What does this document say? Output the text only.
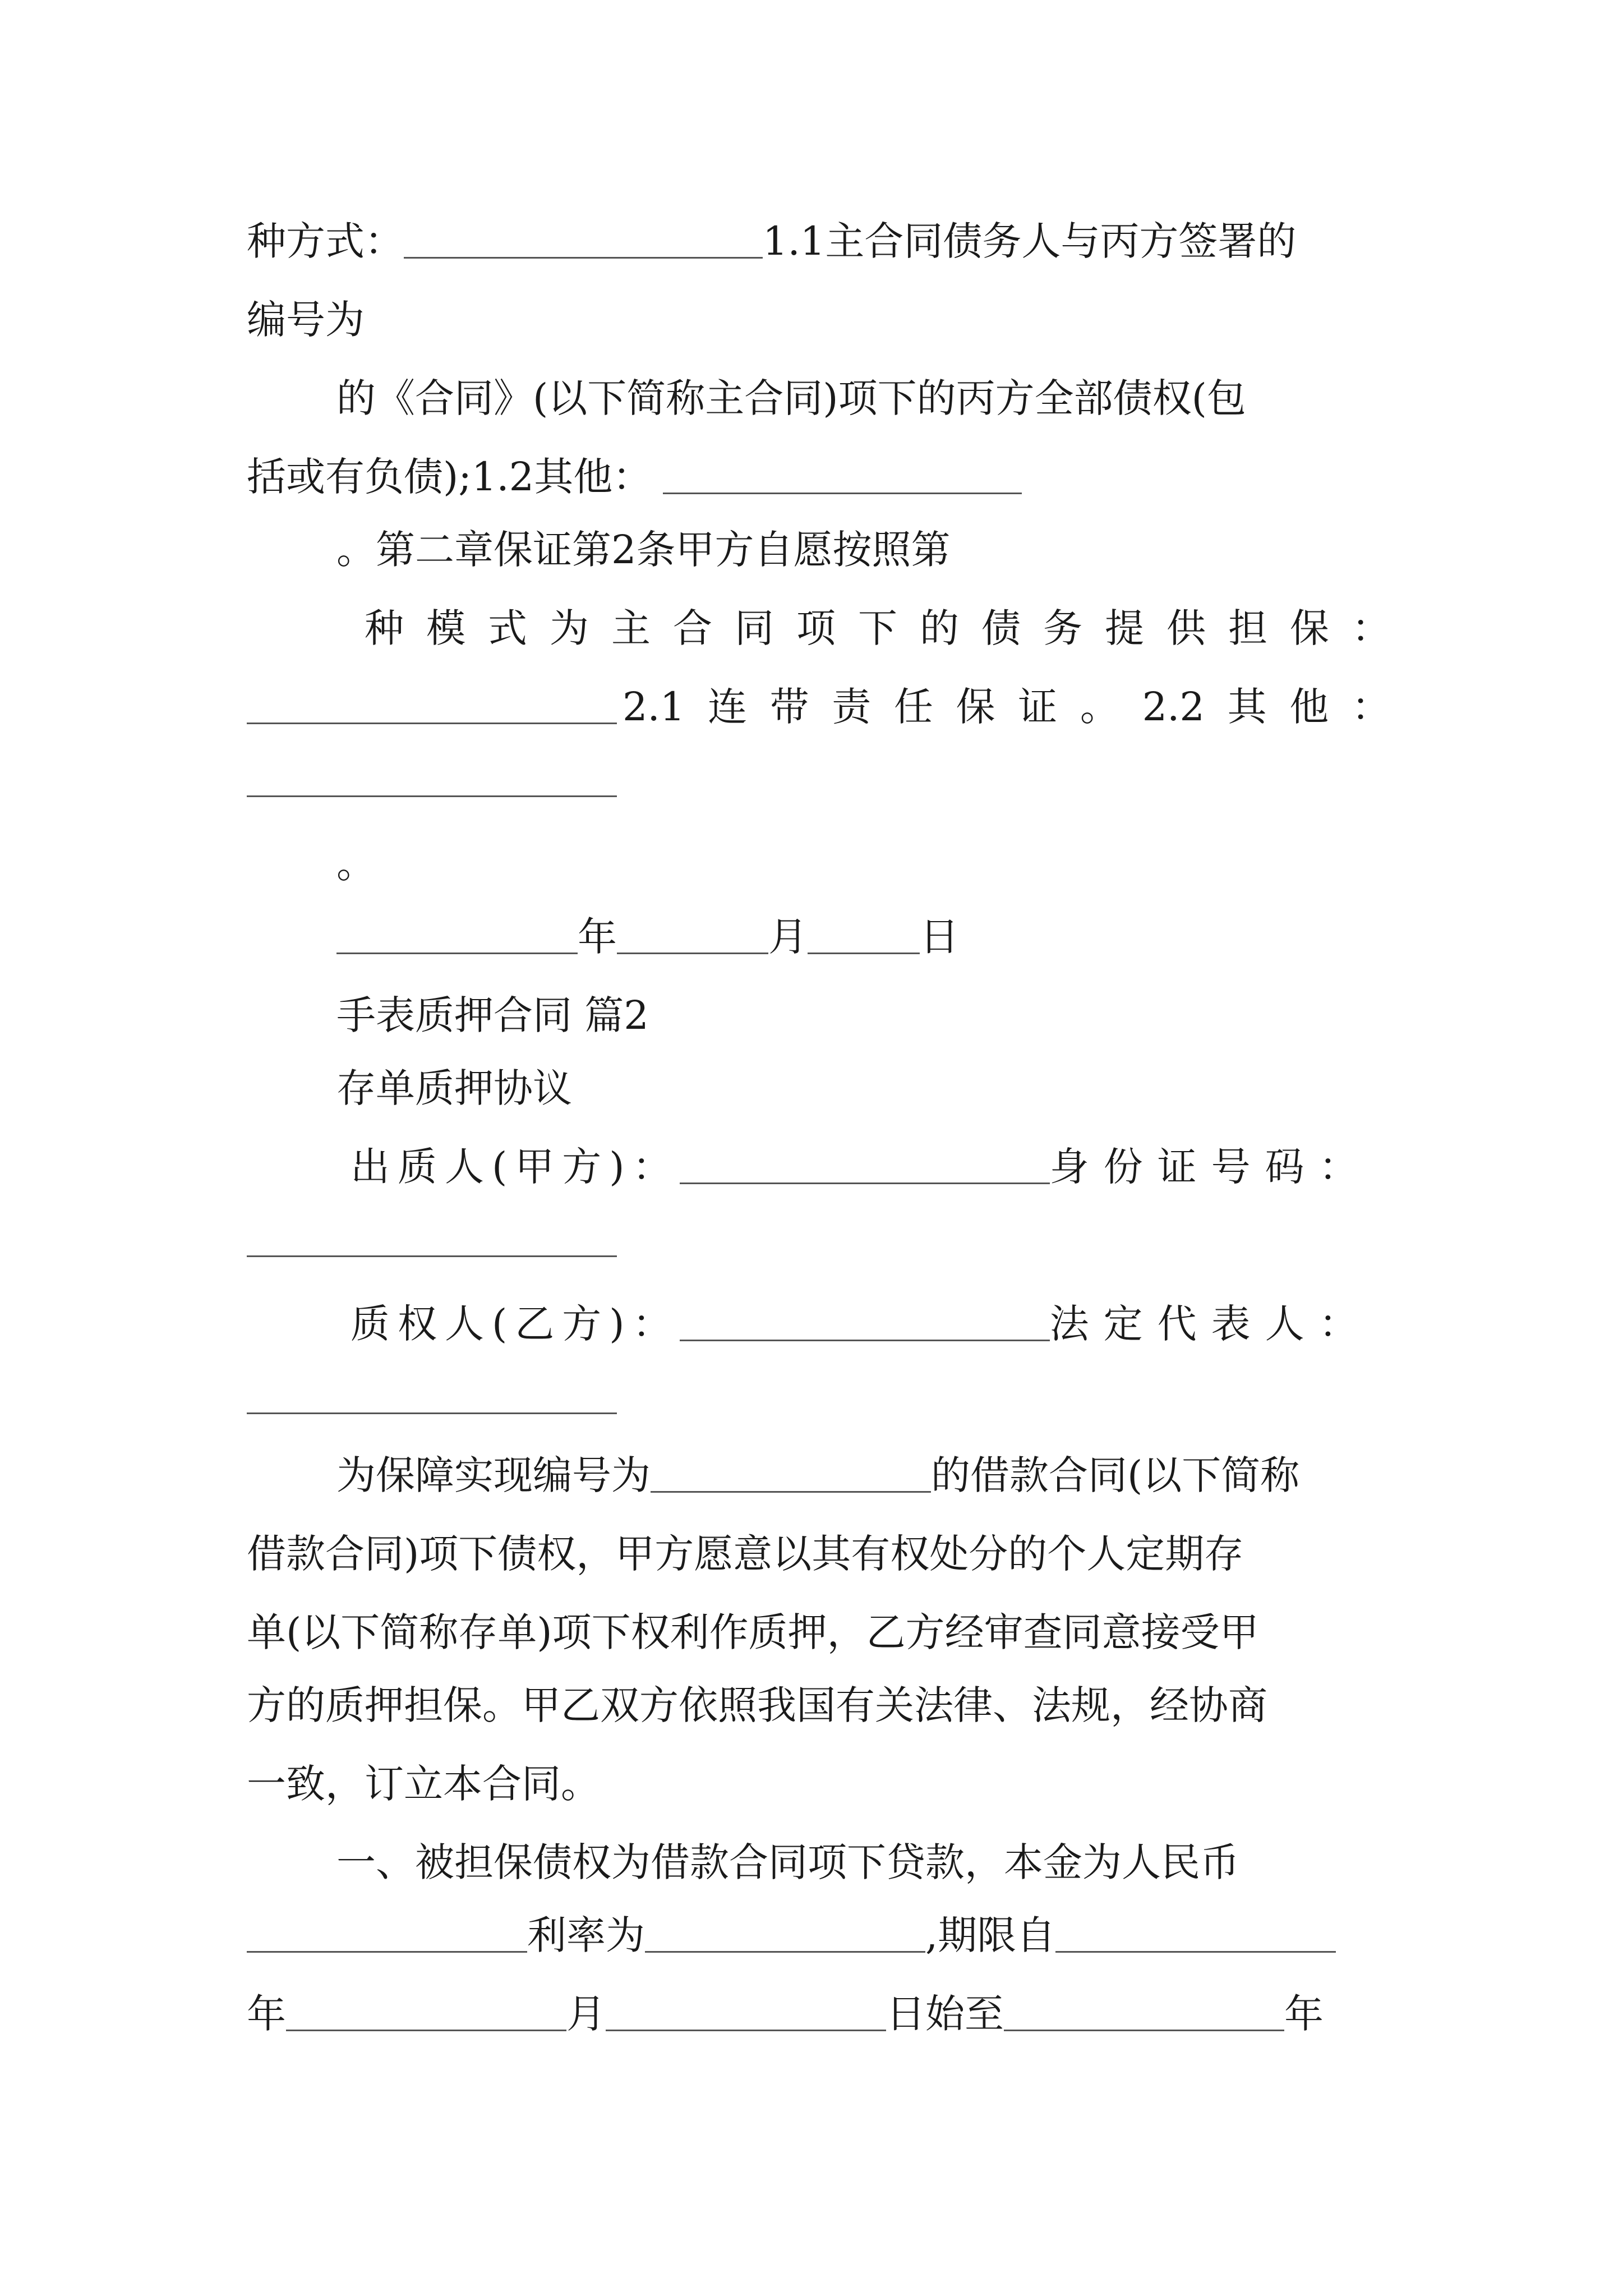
种方式：	1.1主合同债务人与丙方签署的
编号为
的《合同》(以下简称主合同)项下的丙方全部债权(包
括或有负债);1.2其他：
。第二章保证第2条甲方自愿按照第
种 模 式 为 主 合 同 项 下 的 债 务 提 供 担 保 ：
2.1 连 带 责 任 保 证 。 2.2 其 他 ：
。
年	月	日
手表质押合同 篇2
存单质押协议
出质人(甲方)：	身份证号码：
质权人(乙方)：	法定代表人：
为保障实现编号为	的借款合同(以下简称
借款合同)项下债权，甲方愿意以其有权处分的个人定期存
单(以下简称存单)项下权利作质押，乙方经审查同意接受甲
方的质押担保。甲乙双方依照我国有关法律、法规，经协商
一致，订立本合同。
一、被担保债权为借款合同项下贷款，本金为人民币
利率为	,期限自
年	月	日始至	年
